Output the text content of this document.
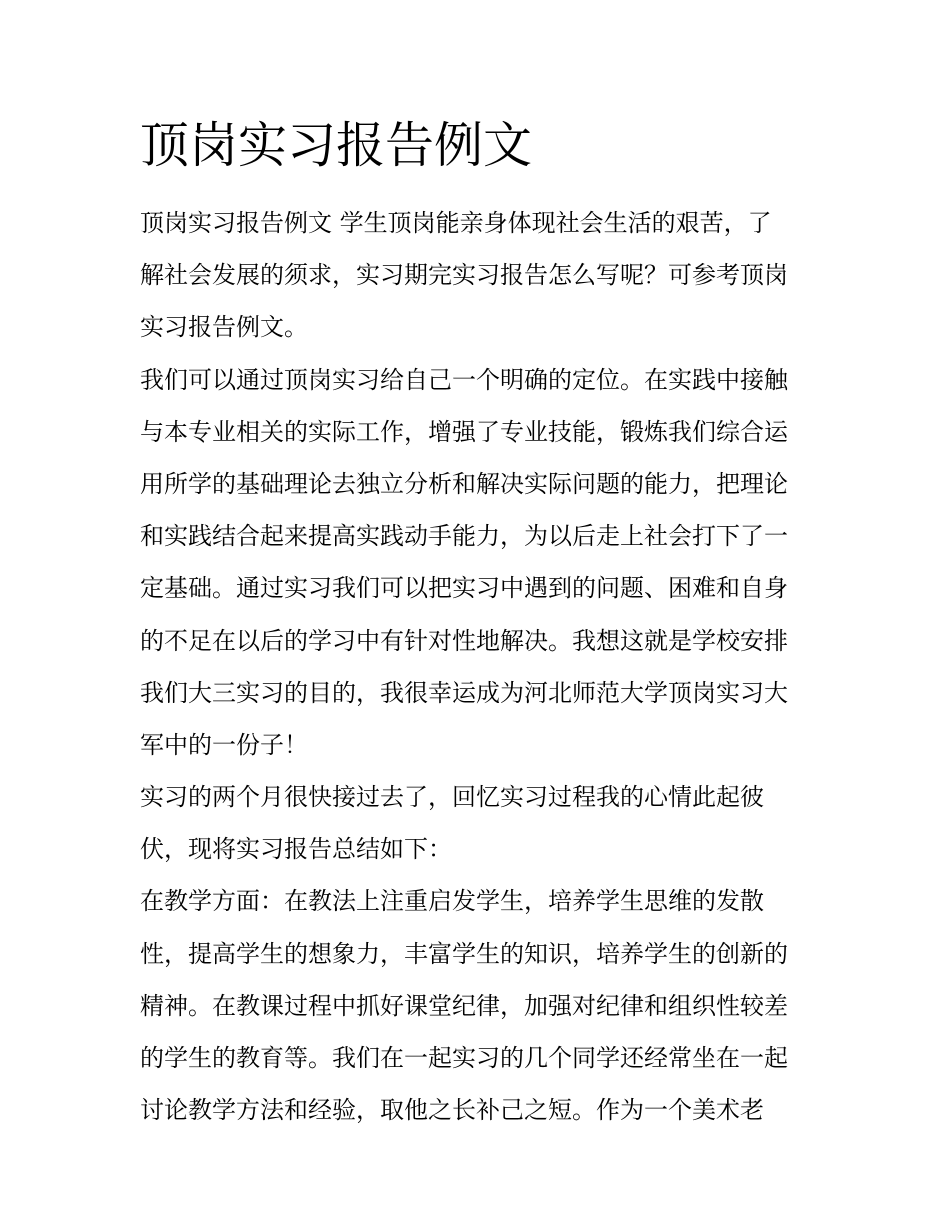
顶岗实习报告例文
顶岗实习报告例文 学生顶岗能亲身体现社会生活的艰苦，了
解社会发展的须求，实习期完实习报告怎么写呢？可参考顶岗
实习报告例文。
我们可以通过顶岗实习给自己一个明确的定位。在实践中接触
与本专业相关的实际工作，增强了专业技能，锻炼我们综合运
用所学的基础理论去独立分析和解决实际问题的能力，把理论
和实践结合起来提高实践动手能力，为以后走上社会打下了一
定基础。通过实习我们可以把实习中遇到的问题、困难和自身
的不足在以后的学习中有针对性地解决。我想这就是学校安排
我们大三实习的目的，我很幸运成为河北师范大学顶岗实习大
军中的一份子！
实习的两个月很快接过去了，回忆实习过程我的心情此起彼
伏，现将实习报告总结如下：
在教学方面：在教法上注重启发学生，培养学生思维的发散
性，提高学生的想象力，丰富学生的知识，培养学生的创新的
精神。在教课过程中抓好课堂纪律，加强对纪律和组织性较差
的学生的教育等。我们在一起实习的几个同学还经常坐在一起
讨论教学方法和经验，取他之长补己之短。作为一个美术老
